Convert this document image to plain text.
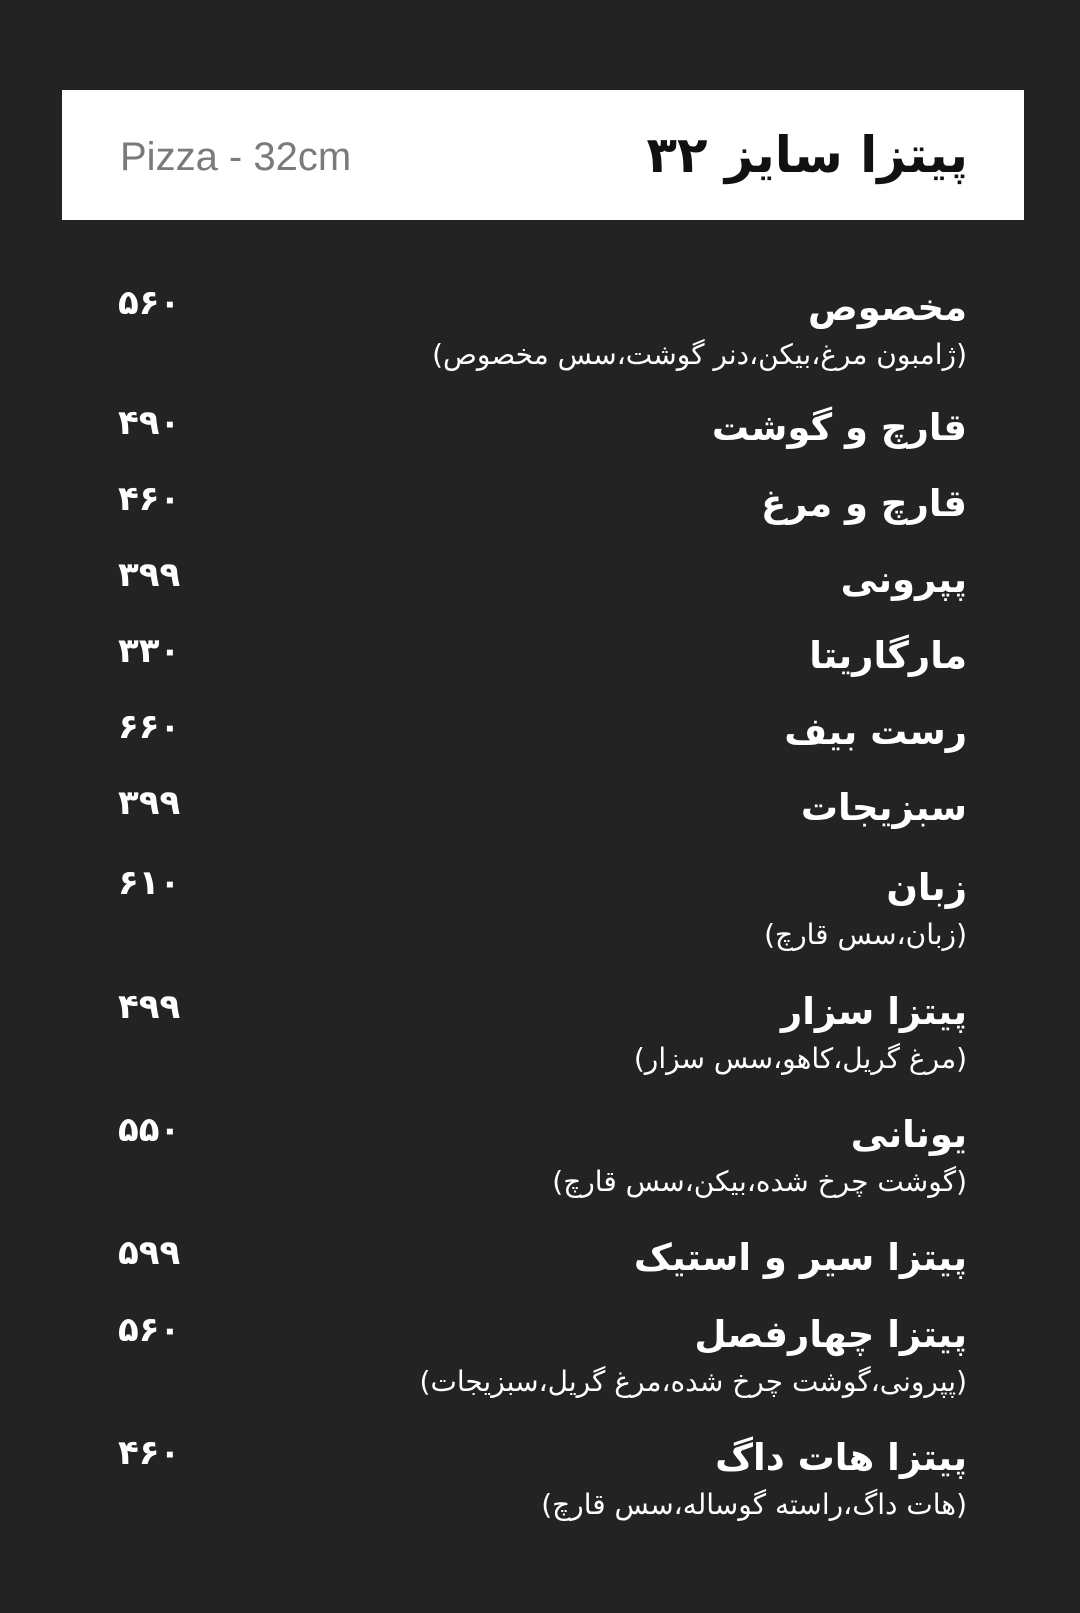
پیتزا سایز ۳۲
Pizza - 32cm
مخصوص
(ژامبون مرغ،بیکن،دنر گوشت،سس مخصوص)
۵۶۰
قارچ و گوشت
۴۹۰
قارچ و مرغ
۴۶۰
پپرونی
۳۹۹
مارگاریتا
۳۳۰
رست بیف
۶۶۰
سبزیجات
۳۹۹
زبان
(زبان،سس قارچ)
۶۱۰
پیتزا سزار
(مرغ گریل،کاهو،سس سزار)
۴۹۹
یونانی
(گوشت چرخ شده،بیکن،سس قارچ)
۵۵۰
پیتزا سیر و استیک
۵۹۹
پیتزا چهارفصل
(پپرونی،گوشت چرخ شده،مرغ گریل،سبزیجات)
۵۶۰
پیتزا هات داگ
(هات داگ،راسته گوساله،سس قارچ)
۴۶۰
